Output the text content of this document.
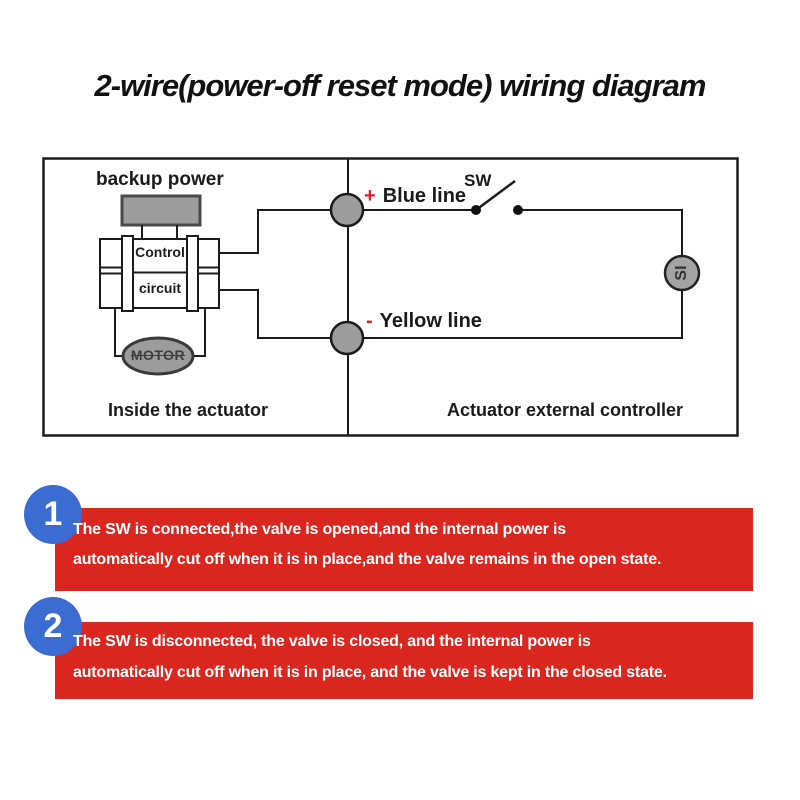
2-wire(power-off reset mode) wiring diagram
backup power
Control
circuit
MOTOR
Inside the actuator	Actuator external controller
+ Blue line
SW
- Yellow line
SI
1 The SW is connected,the valve is opened,and the internal power is
automatically cut off when it is in place,and the valve remains in the open state.
2 The SW is disconnected, the valve is closed, and the internal power is
automatically cut off when it is in place, and the valve is kept in the closed state.
